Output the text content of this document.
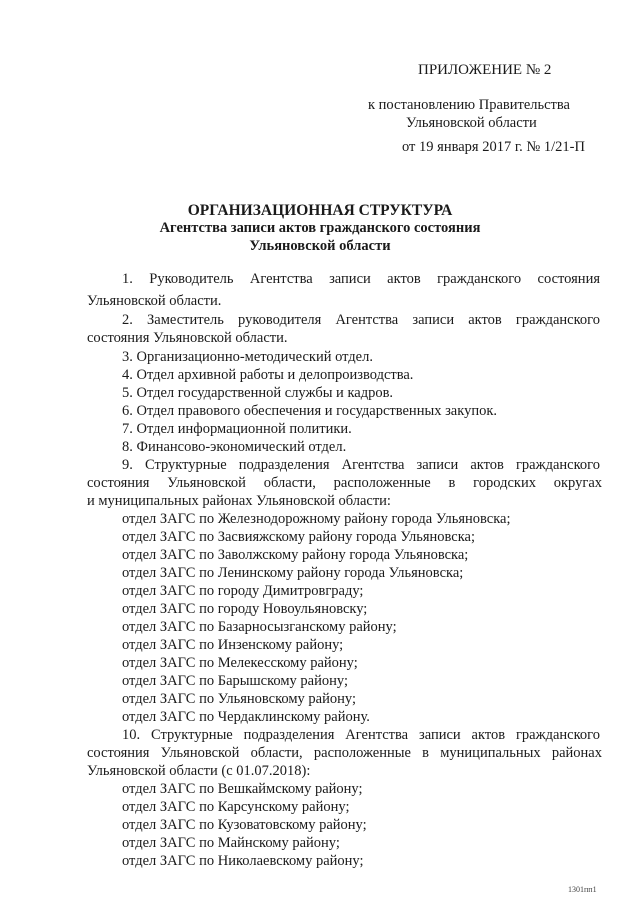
ПРИЛОЖЕНИЕ № 2
к постановлению Правительства
Ульяновской области
от 19 января 2017 г. № 1/21-П
ОРГАНИЗАЦИОННАЯ СТРУКТУРА
Агентства записи актов гражданского состояния
Ульяновской области
1. Руководитель Агентства записи актов гражданского состояния
Ульяновской области.
2. Заместитель руководителя Агентства записи актов гражданского
состояния Ульяновской области.
3. Организационно-методический отдел.
4. Отдел архивной работы и делопроизводства.
5. Отдел государственной службы и кадров.
6. Отдел правового обеспечения и государственных закупок.
7. Отдел информационной политики.
8. Финансово-экономический отдел.
9. Структурные подразделения Агентства записи актов гражданского
состояния Ульяновской области, расположенные в городских округах
и муниципальных районах Ульяновской области:
отдел ЗАГС по Железнодорожному району города Ульяновска;
отдел ЗАГС по Засвияжскому району города Ульяновска;
отдел ЗАГС по Заволжскому району города Ульяновска;
отдел ЗАГС по Ленинскому району города Ульяновска;
отдел ЗАГС по городу Димитровграду;
отдел ЗАГС по городу Новоульяновску;
отдел ЗАГС по Базарносызганскому району;
отдел ЗАГС по Инзенскому району;
отдел ЗАГС по Мелекесскому району;
отдел ЗАГС по Барышскому району;
отдел ЗАГС по Ульяновскому району;
отдел ЗАГС по Чердаклинскому району.
10. Структурные подразделения Агентства записи актов гражданского
состояния Ульяновской области, расположенные в муниципальных районах
Ульяновской области (с 01.07.2018):
отдел ЗАГС по Вешкаймскому району;
отдел ЗАГС по Карсунскому району;
отдел ЗАГС по Кузоватовскому району;
отдел ЗАГС по Майнскому району;
отдел ЗАГС по Николаевскому району;
1301пп1
